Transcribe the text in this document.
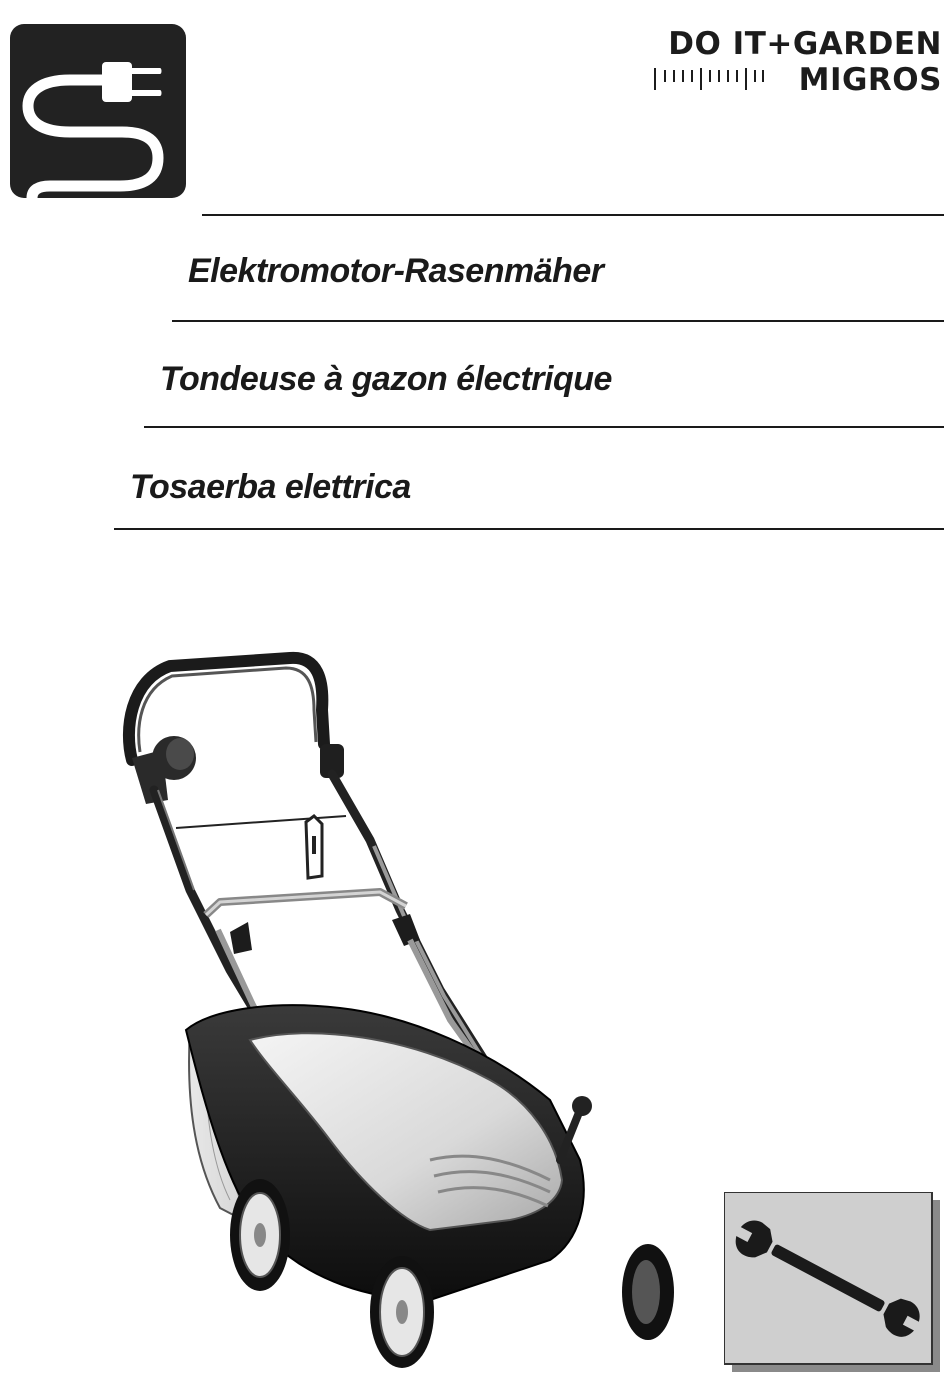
DO IT+GARDEN
MIGROS
Elektromotor-Rasenmäher
Tondeuse à gazon électrique
Tosaerba elettrica
